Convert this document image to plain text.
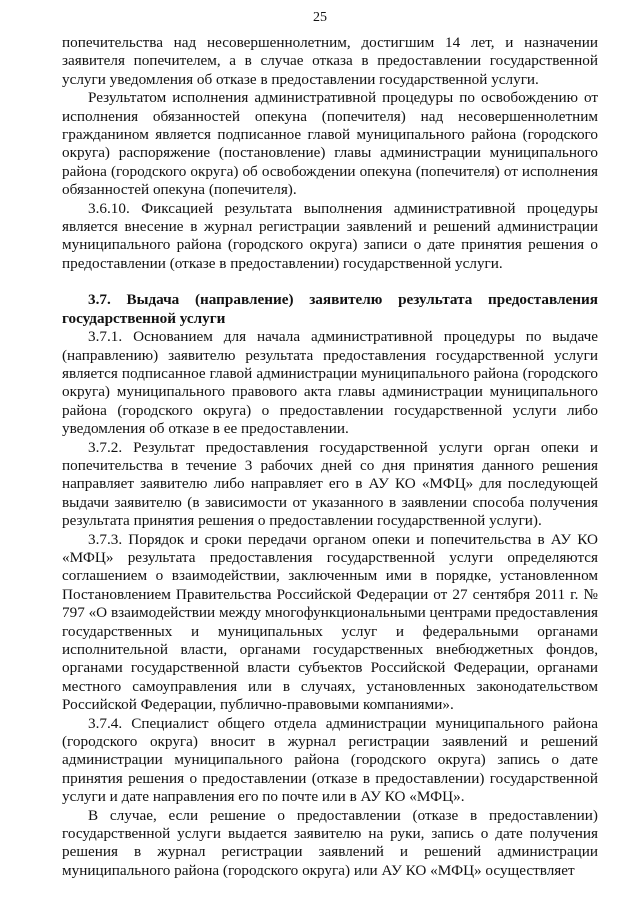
25

попечительства над несовершеннолетним, достигшим 14 лет, и назначении заявителя попечителем, а в случае отказа в предоставлении государственной услуги уведомления об отказе в предоставлении государственной услуги.

Результатом исполнения административной процедуры по освобождению от исполнения обязанностей опекуна (попечителя) над несовершеннолетним гражданином является подписанное главой муниципального района (городского округа) распоряжение (постановление) главы администрации муниципального района (городского округа) об освобождении опекуна (попечителя) от исполнения обязанностей опекуна (попечителя).

3.6.10. Фиксацией результата выполнения административной процедуры является внесение в журнал регистрации заявлений и решений администрации муниципального района (городского округа) записи о дате принятия решения о предоставлении (отказе в предоставлении) государственной услуги.

3.7. Выдача (направление) заявителю результата предоставления государственной услуги

3.7.1. Основанием для начала административной процедуры по выдаче (направлению) заявителю результата предоставления государственной услуги является подписанное главой администрации муниципального района (городского округа) муниципального правового акта главы администрации муниципального района (городского округа) о предоставлении государственной услуги либо уведомления об отказе в ее предоставлении.

3.7.2. Результат предоставления государственной услуги орган опеки и попечительства в течение 3 рабочих дней со дня принятия данного решения направляет заявителю либо направляет его в АУ КО «МФЦ» для последующей выдачи заявителю (в зависимости от указанного в заявлении способа получения результата принятия решения о предоставлении государственной услуги).

3.7.3. Порядок и сроки передачи органом опеки и попечительства в АУ КО «МФЦ» результата предоставления государственной услуги определяются соглашением о взаимодействии, заключенным ими в порядке, установленном Постановлением Правительства Российской Федерации от 27 сентября 2011 г. № 797 «О взаимодействии между многофункциональными центрами предоставления государственных и муниципальных услуг и федеральными органами исполнительной власти, органами государственных внебюджетных фондов, органами государственной власти субъектов Российской Федерации, органами местного самоуправления или в случаях, установленных законодательством Российской Федерации, публично-правовыми компаниями».

3.7.4. Специалист общего отдела администрации муниципального района (городского округа) вносит в журнал регистрации заявлений и решений администрации муниципального района (городского округа) запись о дате принятия решения о предоставлении (отказе в предоставлении) государственной услуги и дате направления его по почте или в АУ КО «МФЦ».

В случае, если решение о предоставлении (отказе в предоставлении) государственной услуги выдается заявителю на руки, запись о дате получения решения в журнал регистрации заявлений и решений администрации муниципального района (городского округа) или АУ КО «МФЦ» осуществляет
